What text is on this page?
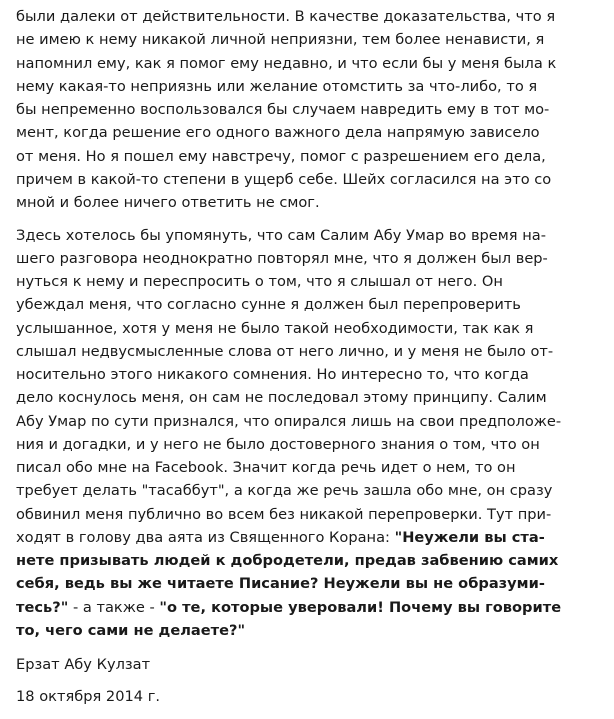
были далеки от действительности. В качестве доказательства, что я
не имею к нему никакой личной неприязни, тем более ненависти, я
напомнил ему, как я помог ему недавно, и что если бы у меня была к
нему какая-то неприязнь или желание отомстить за что-либо, то я
бы непременно воспользовался бы случаем навредить ему в тот мо-
мент, когда решение его одного важного дела напрямую зависело
от меня. Но я пошел ему навстречу, помог с разрешением его дела,
причем в какой-то степени в ущерб себе. Шейх согласился на это со
мной и более ничего ответить не смог.

Здесь хотелось бы упомянуть, что сам Салим Абу Умар во время на-
шего разговора неоднократно повторял мне, что я должен был вер-
нуться к нему и переспросить о том, что я слышал от него. Он
убеждал меня, что согласно сунне я должен был перепроверить
услышанное, хотя у меня не было такой необходимости, так как я
слышал недвусмысленные слова от него лично, и у меня не было от-
носительно этого никакого сомнения. Но интересно то, что когда
дело коснулось меня, он сам не последовал этому принципу. Салим
Абу Умар по сути признался, что опирался лишь на свои предположе-
ния и догадки, и у него не было достоверного знания о том, что он
писал обо мне на Facebook. Значит когда речь идет о нем, то он
требует делать "тасаббут", а когда же речь зашла обо мне, он сразу
обвинил меня публично во всем без никакой перепроверки. Тут при-
ходят в голову два аята из Священного Корана: "Неужели вы ста-
нете призывать людей к добродетели, предав забвению самих
себя, ведь вы же читаете Писание? Неужели вы не образуми-
тесь?" - а также - "о те, которые уверовали! Почему вы говорите
то, чего сами не делаете?"

Ерзат Абу Кулзат

18 октября 2014 г.
